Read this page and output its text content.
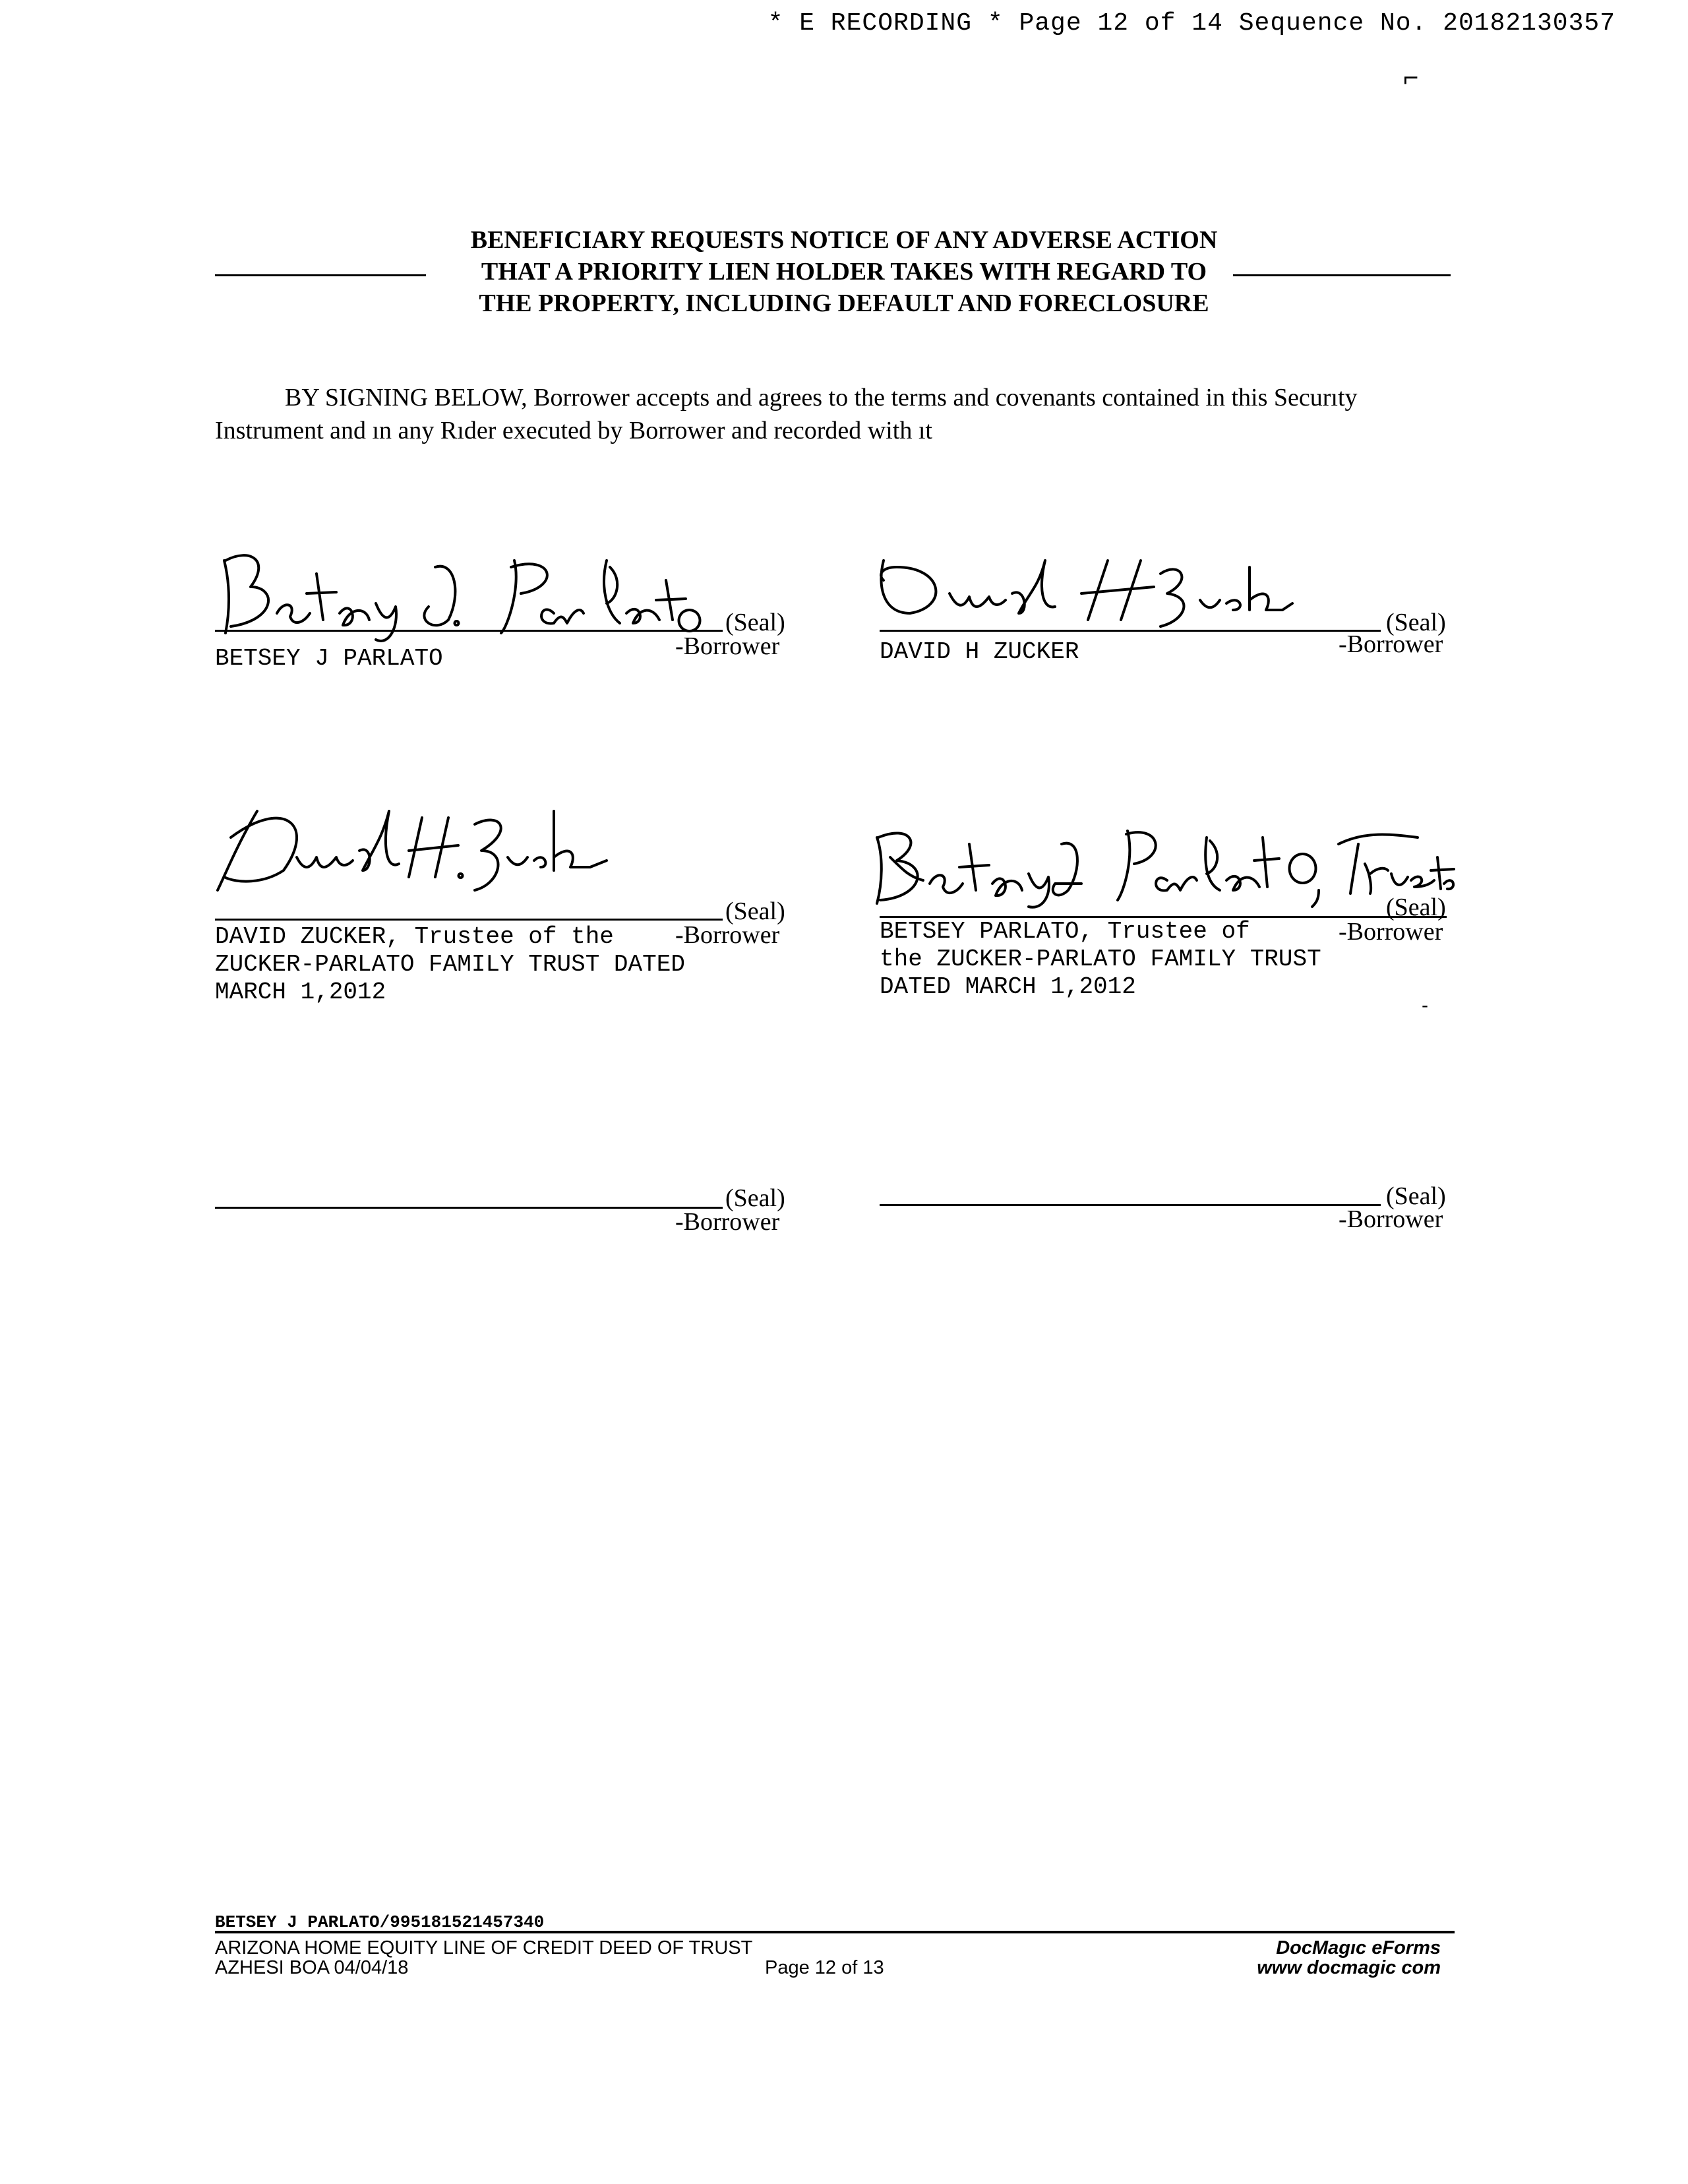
* E RECORDING * Page 12 of 14 Sequence No. 20182130357
⌐
BENEFICIARY REQUESTS NOTICE OF ANY ADVERSE ACTION
THAT A PRIORITY LIEN HOLDER TAKES WITH REGARD TO
THE PROPERTY, INCLUDING DEFAULT AND FORECLOSURE
BY SIGNING BELOW, Borrower accepts and agrees to the terms and covenants contained in this Securıty Instrument and ın any Rıder executed by Borrower and recorded with ıt
(Seal)
-Borrower
BETSEY J PARLATO
(Seal)
-Borrower
DAVID H ZUCKER
(Seal)
-Borrower
DAVID ZUCKER, Trustee of the
ZUCKER-PARLATO FAMILY TRUST DATED
MARCH 1,2012
(Seal)
-Borrower
BETSEY PARLATO, Trustee of
the ZUCKER-PARLATO FAMILY TRUST
DATED MARCH 1,2012
-
(Seal)
-Borrower
(Seal)
-Borrower
BETSEY J PARLATO/995181521457340
ARIZONA HOME EQUITY LINE OF CREDIT DEED OF TRUST
AZHESI BOA 04/04/18	Page 12 of 13
DocMagıc eForms
www docmagic com
